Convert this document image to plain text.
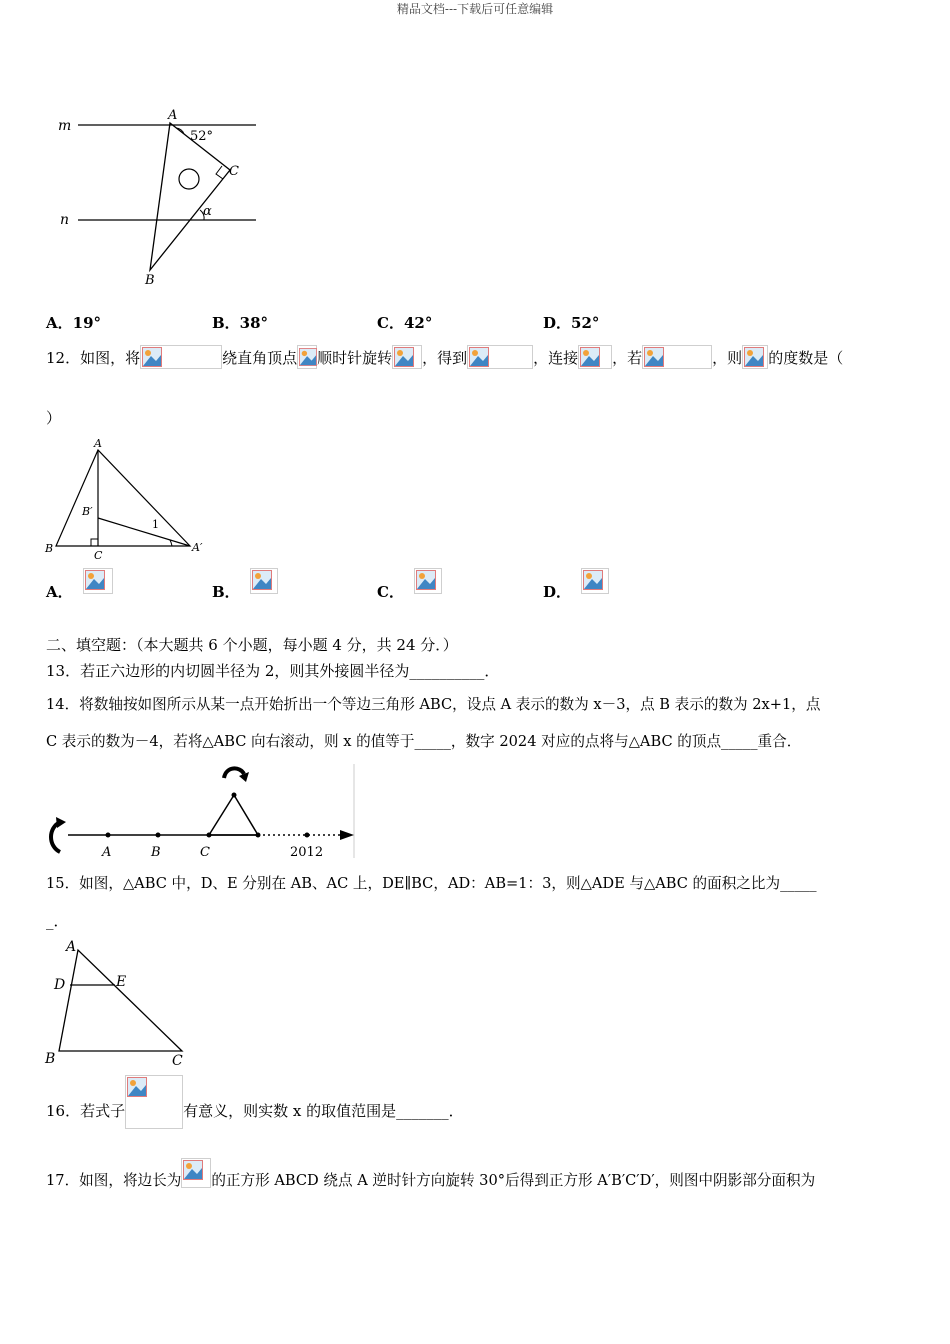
精品文档---下载后可任意编辑
m
n
A
B
C
52°
α
A．19°	B．38°	C．42°	D．52°
12．如图，将	绕直角顶点 顺时针旋转 ，得到	，连接 ，若	，则 的度数是（
）
A
B′
1
B
C
A′
A．	B．	C．	D．
二、填空题：（本大题共 6 个小题，每小题 4 分，共 24 分．）
13．若正六边形的内切圆半径为 2，则其外接圆半径为__________．
14．将数轴按如图所示从某一点开始折出一个等边三角形 ABC，设点 A 表示的数为 x－3，点 B 表示的数为 2x+1，点
C 表示的数为－4，若将△ABC 向右滚动，则 x 的值等于_____，数字 2024 对应的点将与△ABC 的顶点_____重合．
A	B	C	2012
15．如图，△ABC 中，D、E 分别在 AB、AC 上，DE∥BC，AD：AB=1：3，则△ADE 与△ABC 的面积之比为_____
_．
A
D	E
B	C
16．若式子	有意义，则实数 x 的取值范围是_______．
17．如图，将边长为 的正方形 ABCD 绕点 A 逆时针方向旋转 30°后得到正方形 A′B′C′D′，则图中阴影部分面积为
